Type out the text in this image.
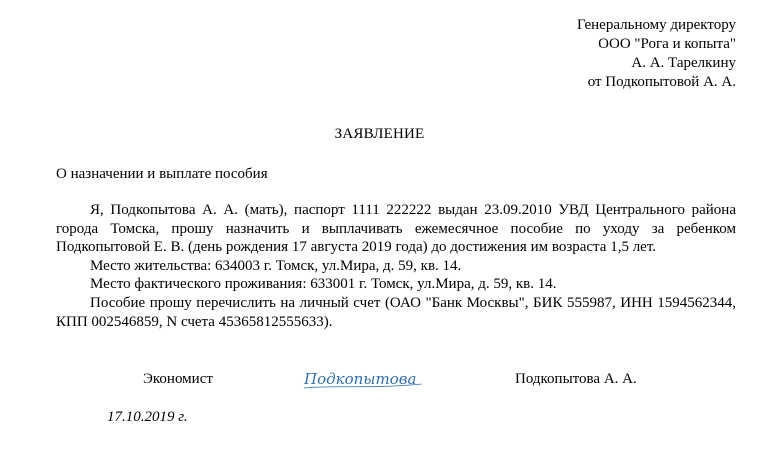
Генеральному директору
ООО "Рога и копыта"
А. А. Тарелкину
от Подкопытовой А. А.
ЗАЯВЛЕНИЕ
О назначении и выплате пособия

Я, Подкопытова А. А. (мать), паспорт 1111 222222 выдан 23.09.2010 УВД Центрального района города Томска, прошу назначить и выплачивать ежемесячное пособие по уходу за ребенком Подкопытовой Е. В. (день рождения 17 августа 2019 года) до достижения им возраста 1,5 лет.

Место жительства: 634003 г. Томск, ул.Мира, д. 59, кв. 14.

Место фактического проживания: 633001 г. Томск, ул.Мира, д. 59, кв. 14.

Пособие прошу перечислить на личный счет (ОАО "Банк Москвы", БИК 555987, ИНН 1594562344, КПП 002546859, N счета 45365812555633).

Экономист	Подкопытова	Подкопытова А. А.
17.10.2019 г.
